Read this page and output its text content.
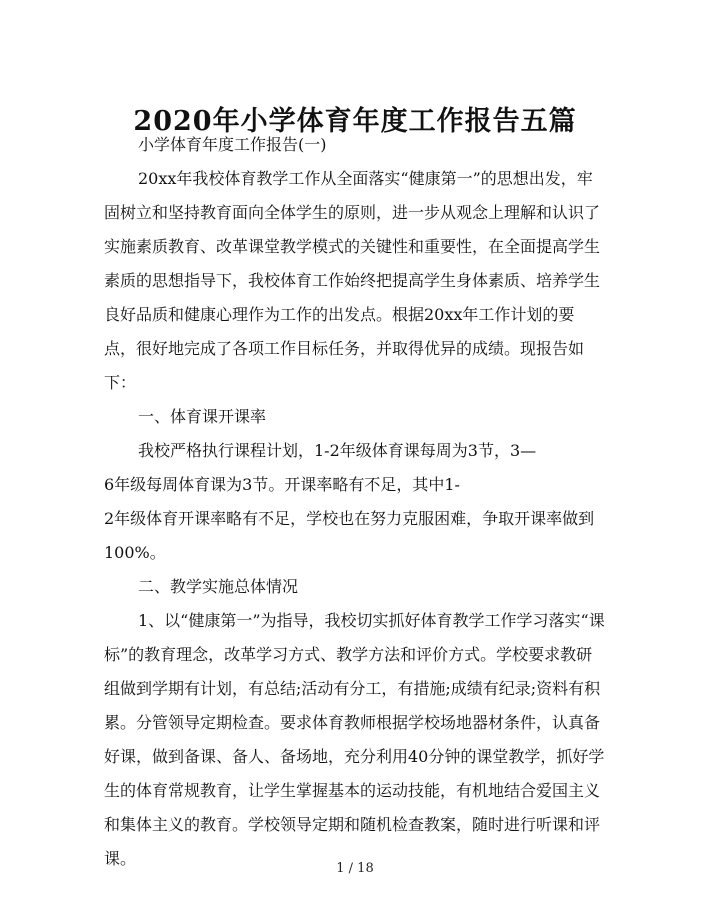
2020年小学体育年度工作报告五篇

小学体育年度工作报告(一)

20xx年我校体育教学工作从全面落实“健康第一”的思想出发，牢固树立和坚持教育面向全体学生的原则，进一步从观念上理解和认识了实施素质教育、改革课堂教学模式的关键性和重要性，在全面提高学生素质的思想指导下，我校体育工作始终把提高学生身体素质、培养学生良好品质和健康心理作为工作的出发点。根据20xx年工作计划的要点，很好地完成了各项工作目标任务，并取得优异的成绩。现报告如下：

一、体育课开课率

我校严格执行课程计划，1-2年级体育课每周为3节，3—

6年级每周体育课为3节。开课率略有不足，其中1-

2年级体育开课率略有不足，学校也在努力克服困难，争取开课率做到100%。

二、教学实施总体情况

1、以“健康第一”为指导，我校切实抓好体育教学工作学习落实“课标”的教育理念，改革学习方式、教学方法和评价方式。学校要求教研组做到学期有计划，有总结;活动有分工，有措施;成绩有纪录;资料有积累。分管领导定期检查。要求体育教师根据学校场地器材条件，认真备好课，做到备课、备人、备场地，充分利用40分钟的课堂教学，抓好学生的体育常规教育，让学生掌握基本的运动技能，有机地结合爱国主义和集体主义的教育。学校领导定期和随机检查教案，随时进行听课和评课。

1 / 18
